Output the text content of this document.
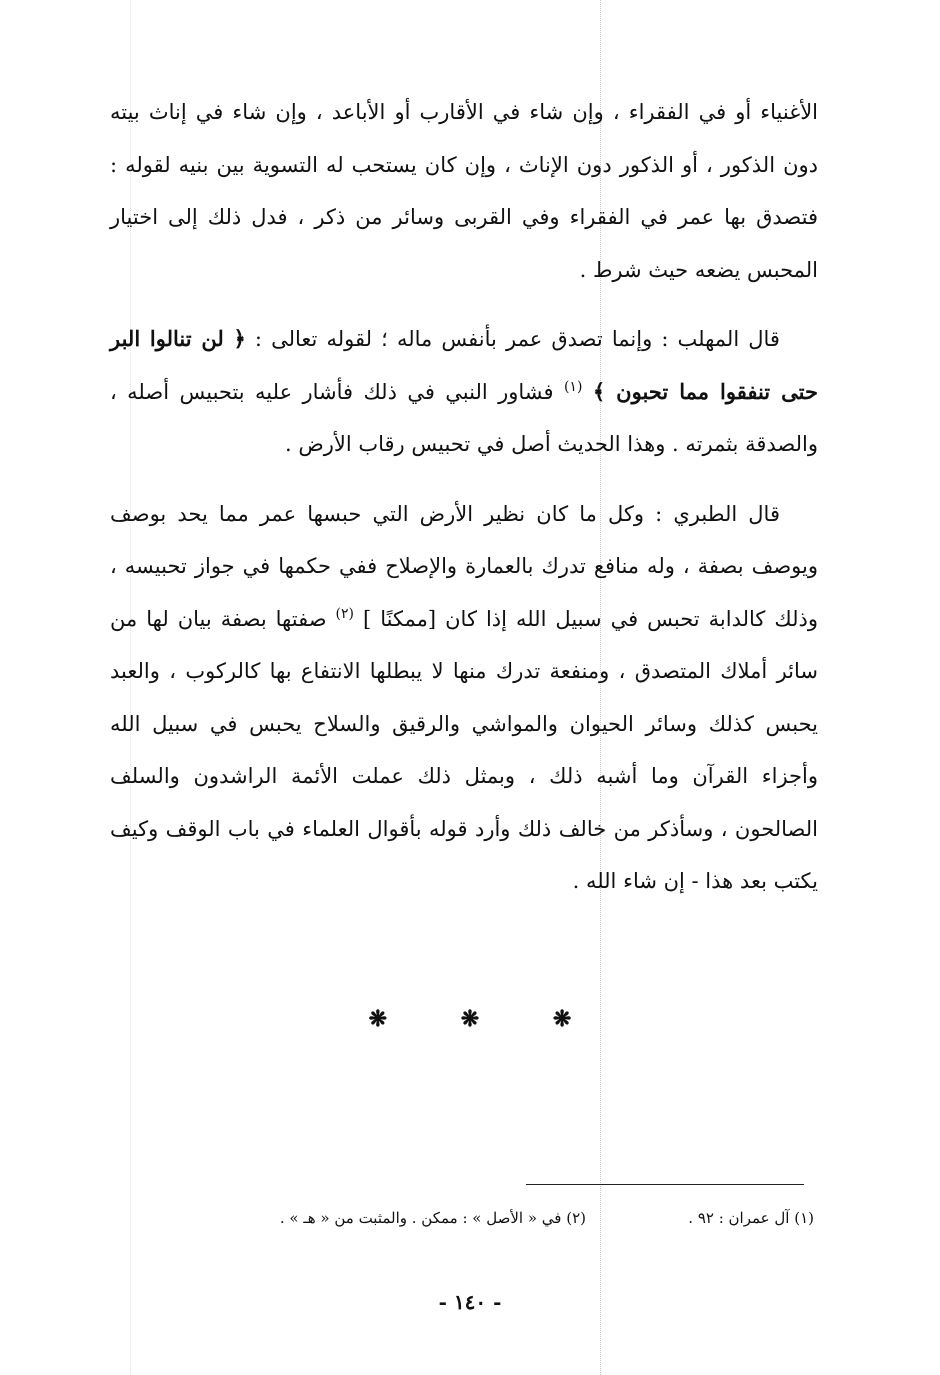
الأغنياء أو في الفقراء ، وإن شاء في الأقارب أو الأباعد ، وإن شاء في إناث بيته دون الذكور ، أو الذكور دون الإناث ، وإن كان يستحب له التسوية بين بنيه لقوله : فتصدق بها عمر في الفقراء وفي القربى وسائر من ذكر ، فدل ذلك إلى اختيار المحبس يضعه حيث شرط .

قال المهلب : وإنما تصدق عمر بأنفس ماله ؛ لقوله تعالى : ﴿ لن تنالوا البر حتى تنفقوا مما تحبون ﴾ $^{(١)}$ فشاور النبي في ذلك فأشار عليه بتحبيس أصله ، والصدقة بثمرته . وهذا الحديث أصل في تحبيس رقاب الأرض .

قال الطبري : وكل ما كان نظير الأرض التي حبسها عمر مما يحد بوصف ويوصف بصفة ، وله منافع تدرك بالعمارة والإصلاح ففي حكمها في جواز تحبيسه ، وذلك كالدابة تحبس في سبيل الله إذا كان [ممكنًا ] $^{(٢)}$ صفتها بصفة بيان لها من سائر أملاك المتصدق ، ومنفعة تدرك منها لا يبطلها الانتفاع بها كالركوب ، والعبد يحبس كذلك وسائر الحيوان والمواشي والرقيق والسلاح يحبس في سبيل الله وأجزاء القرآن وما أشبه ذلك ، وبمثل ذلك عملت الأئمة الراشدون والسلف الصالحون ، وسأذكر من خالف ذلك وأرد قوله بأقوال العلماء في باب الوقف وكيف يكتب بعد هذا - إن شاء الله .

❋ ❋ ❋
(١) آل عمران : ٩٢ .
(٢) في « الأصل » : ممكن . والمثبت من « هـ » .
- ١٤٠ -
